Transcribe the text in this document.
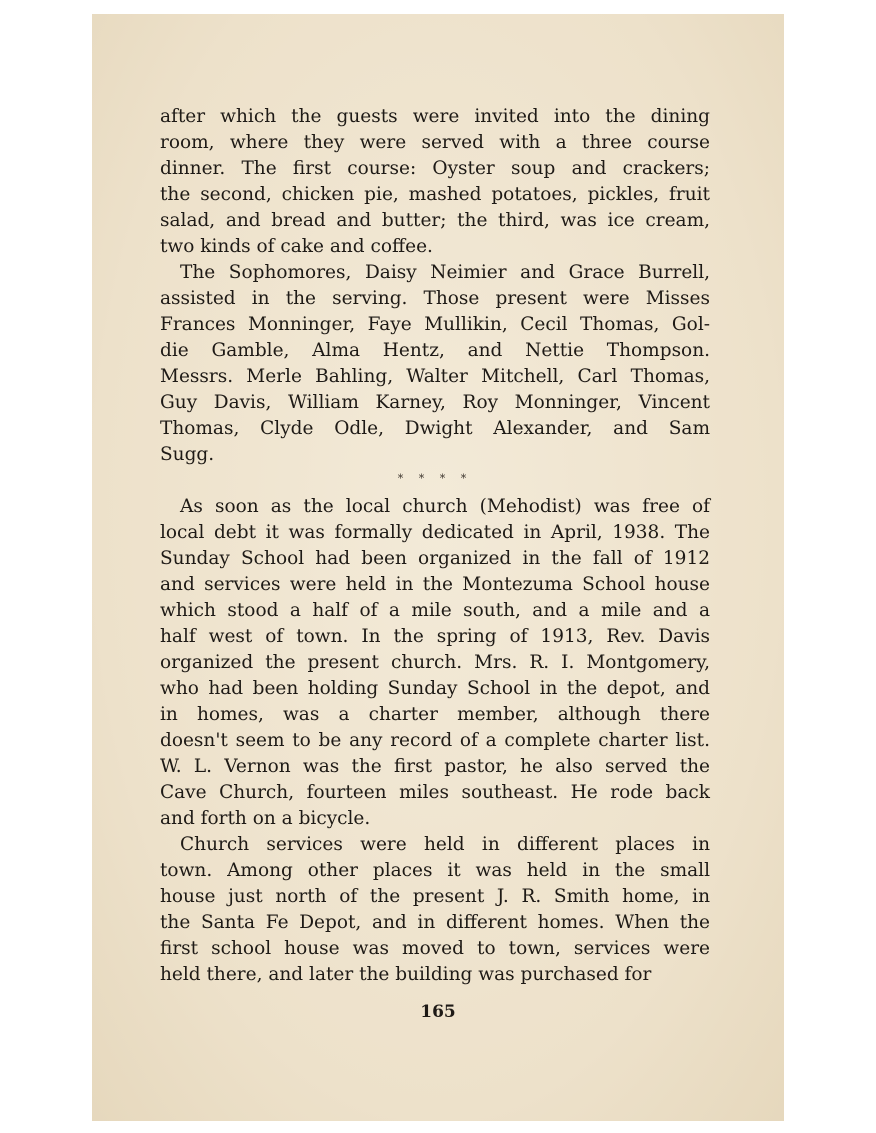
after which the guests were invited into the dining
room, where they were served with a three course
dinner. The first course: Oyster soup and crackers;
the second, chicken pie, mashed potatoes, pickles, fruit
salad, and bread and butter; the third, was ice cream,
two kinds of cake and coffee.
The Sophomores, Daisy Neimier and Grace Burrell,
assisted in the serving. Those present were Misses
Frances Monninger, Faye Mullikin, Cecil Thomas, Gol-
die Gamble, Alma Hentz, and Nettie Thompson.
Messrs. Merle Bahling, Walter Mitchell, Carl Thomas,
Guy Davis, William Karney, Roy Monninger, Vincent
Thomas, Clyde Odle, Dwight Alexander, and Sam
Sugg.
* * * *
As soon as the local church (Mehodist) was free of
local debt it was formally dedicated in April, 1938. The
Sunday School had been organized in the fall of 1912
and services were held in the Montezuma School house
which stood a half of a mile south, and a mile and a
half west of town. In the spring of 1913, Rev. Davis
organized the present church. Mrs. R. I. Montgomery,
who had been holding Sunday School in the depot, and
in homes, was a charter member, although there
doesn't seem to be any record of a complete charter list.
W. L. Vernon was the first pastor, he also served the
Cave Church, fourteen miles southeast. He rode back
and forth on a bicycle.
Church services were held in different places in
town. Among other places it was held in the small
house just north of the present J. R. Smith home, in
the Santa Fe Depot, and in different homes. When the
first school house was moved to town, services were
held there, and later the building was purchased for
165
